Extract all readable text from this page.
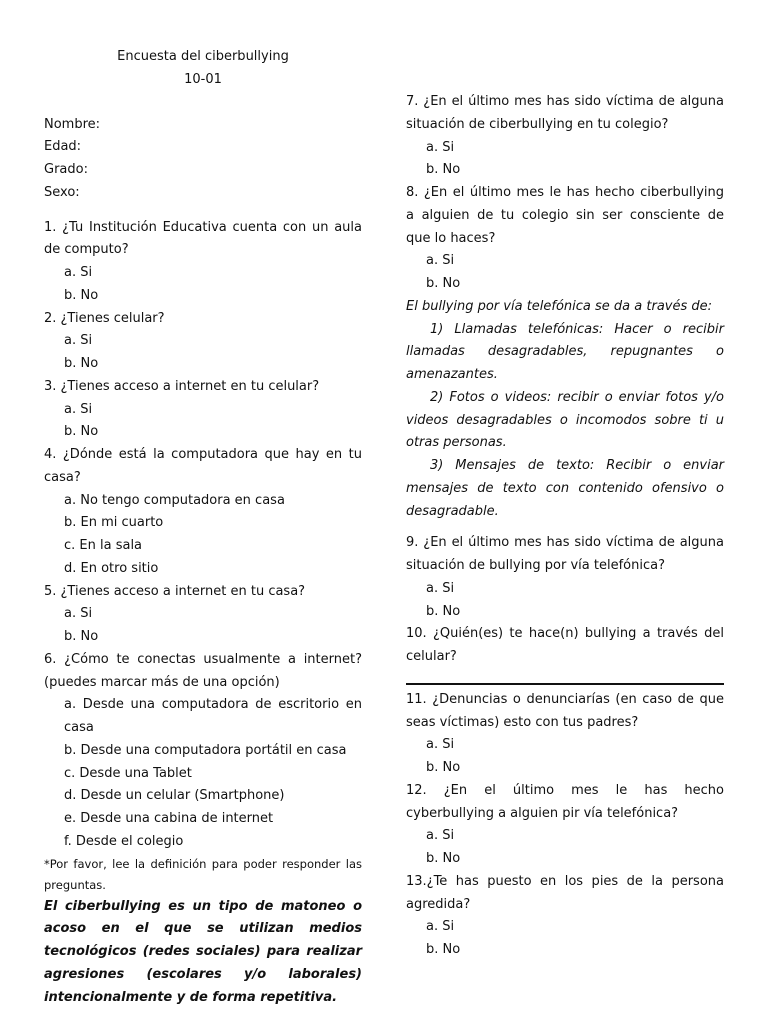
Encuesta del ciberbullying
10-01
Nombre:
Edad:
Grado:
Sexo:
1. ¿Tu Institución Educativa cuenta con un aula de computo?
a. Si
b. No
2. ¿Tienes celular?
a. Si
b. No
3. ¿Tienes acceso a internet en tu celular?
a. Si
b. No
4. ¿Dónde está la computadora que hay en tu casa?
a. No tengo computadora en casa
b. En mi cuarto
c. En la sala
d. En otro sitio
5. ¿Tienes acceso a internet en tu casa?
a. Si
b. No
6. ¿Cómo te conectas usualmente a internet? (puedes marcar más de una opción)
a. Desde una computadora de escritorio en casa
b. Desde una computadora portátil en casa
c. Desde una Tablet
d. Desde un celular (Smartphone)
e. Desde una cabina de internet
f. Desde el colegio
*Por favor, lee la definición para poder responder las preguntas.
El ciberbullying es un tipo de matoneo o acoso en el que se utilizan medios tecnológicos (redes sociales) para realizar agresiones (escolares y/o laborales) intencionalmente y de forma repetitiva.
7. ¿En el último mes has sido víctima de alguna situación de ciberbullying en tu colegio?
a. Si
b. No
8. ¿En el último mes le has hecho ciberbullying a alguien de tu colegio sin ser consciente de que lo haces?
a. Si
b. No
El bullying por vía telefónica se da a través de:
1) Llamadas telefónicas: Hacer o recibir llamadas desagradables, repugnantes o amenazantes.
2) Fotos o videos: recibir o enviar fotos y/o videos desagradables o incomodos sobre ti u otras personas.
3) Mensajes de texto: Recibir o enviar mensajes de texto con contenido ofensivo o desagradable.
9. ¿En el último mes has sido víctima de alguna situación de bullying por vía telefónica?
a. Si
b. No
10. ¿Quién(es) te hace(n) bullying a través del celular?
11. ¿Denuncias o denunciarías (en caso de que seas víctimas) esto con tus padres?
a. Si
b. No
12. ¿En el último mes le has hecho cyberbullying a alguien pir vía telefónica?
a. Si
b. No
13.¿Te has puesto en los pies de la persona agredida?
a. Si
b. No
